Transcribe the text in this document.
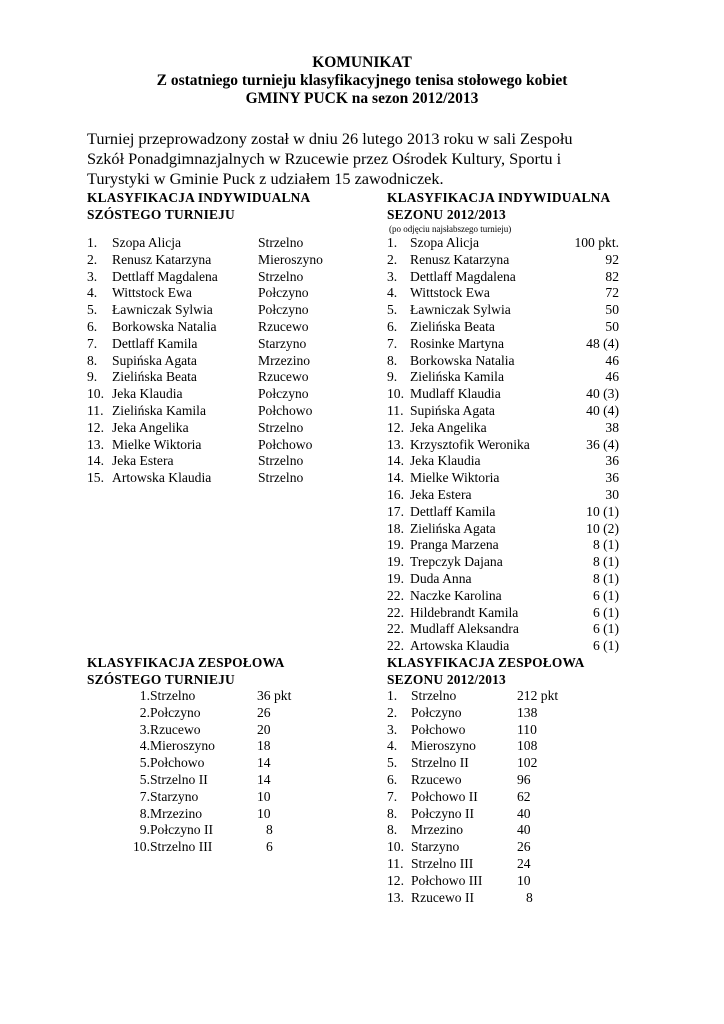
KOMUNIKAT
Z ostatniego turnieju klasyfikacyjnego tenisa stołowego kobiet
GMINY PUCK na sezon 2012/2013

Turniej przeprowadzony został w dniu 26 lutego 2013 roku w sali Zespołu

Szkół Ponadgimnazjalnych w Rzucewie przez Ośrodek Kultury, Sportu i

Turystyki w Gminie Puck z udziałem 15 zawodniczek.

KLASYFIKACJA INDYWIDUALNA
SZÓSTEGO TURNIEJU
KLASYFIKACJA INDYWIDUALNA
SEZONU 2012/2013
(po odjęciu najsłabszego turnieju)
1. Szopa Alicja	Strzelno
2. Renusz Katarzyna	Mieroszyno
3. Dettlaff Magdalena	Strzelno
4. Wittstock Ewa	Połczyno
5. Ławniczak Sylwia	Połczyno
6. Borkowska Natalia	Rzucewo
7. Dettlaff Kamila	Starzyno
8. Supińska Agata	Mrzezino
9. Zielińska Beata	Rzucewo
10. Jeka Klaudia	Połczyno
11. Zielińska Kamila	Połchowo
12. Jeka Angelika	Strzelno
13. Mielke Wiktoria	Połchowo
14. Jeka Estera	Strzelno
15. Artowska Klaudia	Strzelno
1. Szopa Alicja	100 pkt.
2. Renusz Katarzyna	92
3. Dettlaff Magdalena	82
4. Wittstock Ewa	72
5. Ławniczak Sylwia	50
6. Zielińska Beata	50
7. Rosinke Martyna	48 (4)
8. Borkowska Natalia	46
9. Zielińska Kamila	46
10. Mudlaff Klaudia	40 (3)
11. Supińska Agata	40 (4)
12. Jeka Angelika	38
13. Krzysztofik Weronika	36 (4)
14. Jeka Klaudia	36
14. Mielke Wiktoria	36
16. Jeka Estera	30
17. Dettlaff Kamila	10 (1)
18. Zielińska Agata	10 (2)
19. Pranga Marzena	8 (1)
19. Trepczyk Dajana	8 (1)
19. Duda Anna	8 (1)
22. Naczke Karolina	6 (1)
22. Hildebrandt Kamila	6 (1)
22. Mudlaff Aleksandra	6 (1)
22. Artowska Klaudia	6 (1)
KLASYFIKACJA ZESPOŁOWA
SZÓSTEGO TURNIEJU
KLASYFIKACJA ZESPOŁOWA
SEZONU 2012/2013
1. Strzelno	36 pkt
2. Połczyno	26
3. Rzucewo	20
4. Mieroszyno	18
5. Połchowo	14
5. Strzelno II	14
7. Starzyno	10
8. Mrzezino	10
9. Połczyno II	8
10. Strzelno III	6
1. Strzelno	212 pkt
2. Połczyno	138
3. Połchowo	110
4. Mieroszyno	108
5. Strzelno II	102
6. Rzucewo	96
7. Połchowo II	62
8. Połczyno II	40
8. Mrzezino	40
10. Starzyno	26
11. Strzelno III	24
12. Połchowo III	10
13. Rzucewo II	8
